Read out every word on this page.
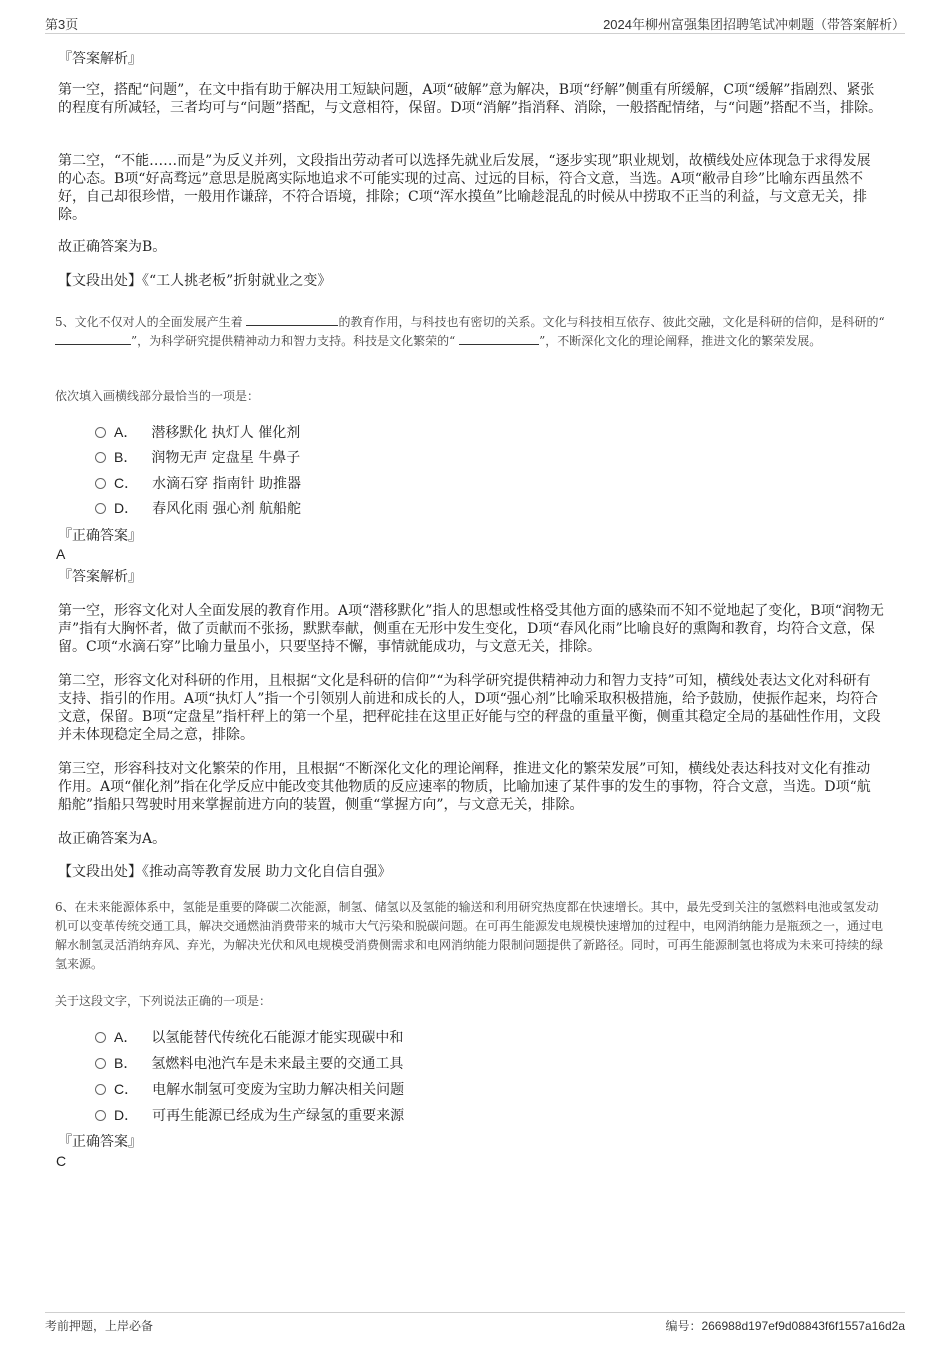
第3页	2024年柳州富强集团招聘笔试冲刺题（带答案解析）
『答案解析』
第一空，搭配“问题”，在文中指有助于解决用工短缺问题，A项“破解”意为解决，B项“纾解”侧重有所缓解，C项“缓解”指剧烈、紧张的程度有所减轻，三者均可与“问题”搭配，与文意相符，保留。D项“消解”指消释、消除，一般搭配情绪，与“问题”搭配不当，排除。
第二空，“不能……而是”为反义并列，文段指出劳动者可以选择先就业后发展，“逐步实现”职业规划，故横线处应体现急于求得发展的心态。B项“好高骛远”意思是脱离实际地追求不可能实现的过高、过远的目标，符合文意，当选。A项“敝帚自珍”比喻东西虽然不好，自己却很珍惜，一般用作谦辞，不符合语境，排除；C项“浑水摸鱼”比喻趁混乱的时候从中捞取不正当的利益，与文意无关，排除。
故正确答案为B。
【文段出处】《“工人挑老板”折射就业之变》
5、文化不仅对人的全面发展产生着	的教育作用，与科技也有密切的关系。文化与科技相互依存、彼此交融，文化是科研的信仰，是科研的“ ”，为科学研究提供精神动力和智力支持。科技是文化繁荣的“	”，不断深化文化的理论阐释，推进文化的繁荣发展。
依次填入画横线部分最恰当的一项是：
A． 潜移默化 执灯人 催化剂
B． 润物无声 定盘星 牛鼻子
C． 水滴石穿 指南针 助推器
D． 春风化雨 强心剂 航船舵
『正确答案』
A
『答案解析』
第一空，形容文化对人全面发展的教育作用。A项“潜移默化”指人的思想或性格受其他方面的感染而不知不觉地起了变化，B项“润物无声”指有大胸怀者，做了贡献而不张扬，默默奉献，侧重在无形中发生变化，D项“春风化雨”比喻良好的熏陶和教育，均符合文意，保留。C项“水滴石穿”比喻力量虽小，只要坚持不懈，事情就能成功，与文意无关，排除。
第二空，形容文化对科研的作用，且根据“文化是科研的信仰”“为科学研究提供精神动力和智力支持”可知，横线处表达文化对科研有支持、指引的作用。A项“执灯人”指一个引领别人前进和成长的人，D项“强心剂”比喻采取积极措施，给予鼓励，使振作起来，均符合文意，保留。B项“定盘星”指杆秤上的第一个星，把秤砣挂在这里正好能与空的秤盘的重量平衡，侧重其稳定全局的基础性作用，文段并未体现稳定全局之意，排除。
第三空，形容科技对文化繁荣的作用，且根据“不断深化文化的理论阐释，推进文化的繁荣发展”可知，横线处表达科技对文化有推动作用。A项“催化剂”指在化学反应中能改变其他物质的反应速率的物质，比喻加速了某件事的发生的事物，符合文意，当选。D项“航船舵”指船只驾驶时用来掌握前进方向的装置，侧重“掌握方向”，与文意无关，排除。
故正确答案为A。
【文段出处】《推动高等教育发展 助力文化自信自强》
6、在未来能源体系中，氢能是重要的降碳二次能源，制氢、储氢以及氢能的输送和利用研究热度都在快速增长。其中，最先受到关注的氢燃料电池或氢发动机可以变革传统交通工具，解决交通燃油消费带来的城市大气污染和脱碳问题。在可再生能源发电规模快速增加的过程中，电网消纳能力是瓶颈之一，通过电解水制氢灵活消纳弃风、弃光，为解决光伏和风电规模受消费侧需求和电网消纳能力限制问题提供了新路径。同时，可再生能源制氢也将成为未来可持续的绿氢来源。
关于这段文字，下列说法正确的一项是：
A． 以氢能替代传统化石能源才能实现碳中和
B． 氢燃料电池汽车是未来最主要的交通工具
C． 电解水制氢可变废为宝助力解决相关问题
D． 可再生能源已经成为生产绿氢的重要来源
『正确答案』
C
考前押题，上岸必备	编号：266988d197ef9d08843f6f1557a16d2a
